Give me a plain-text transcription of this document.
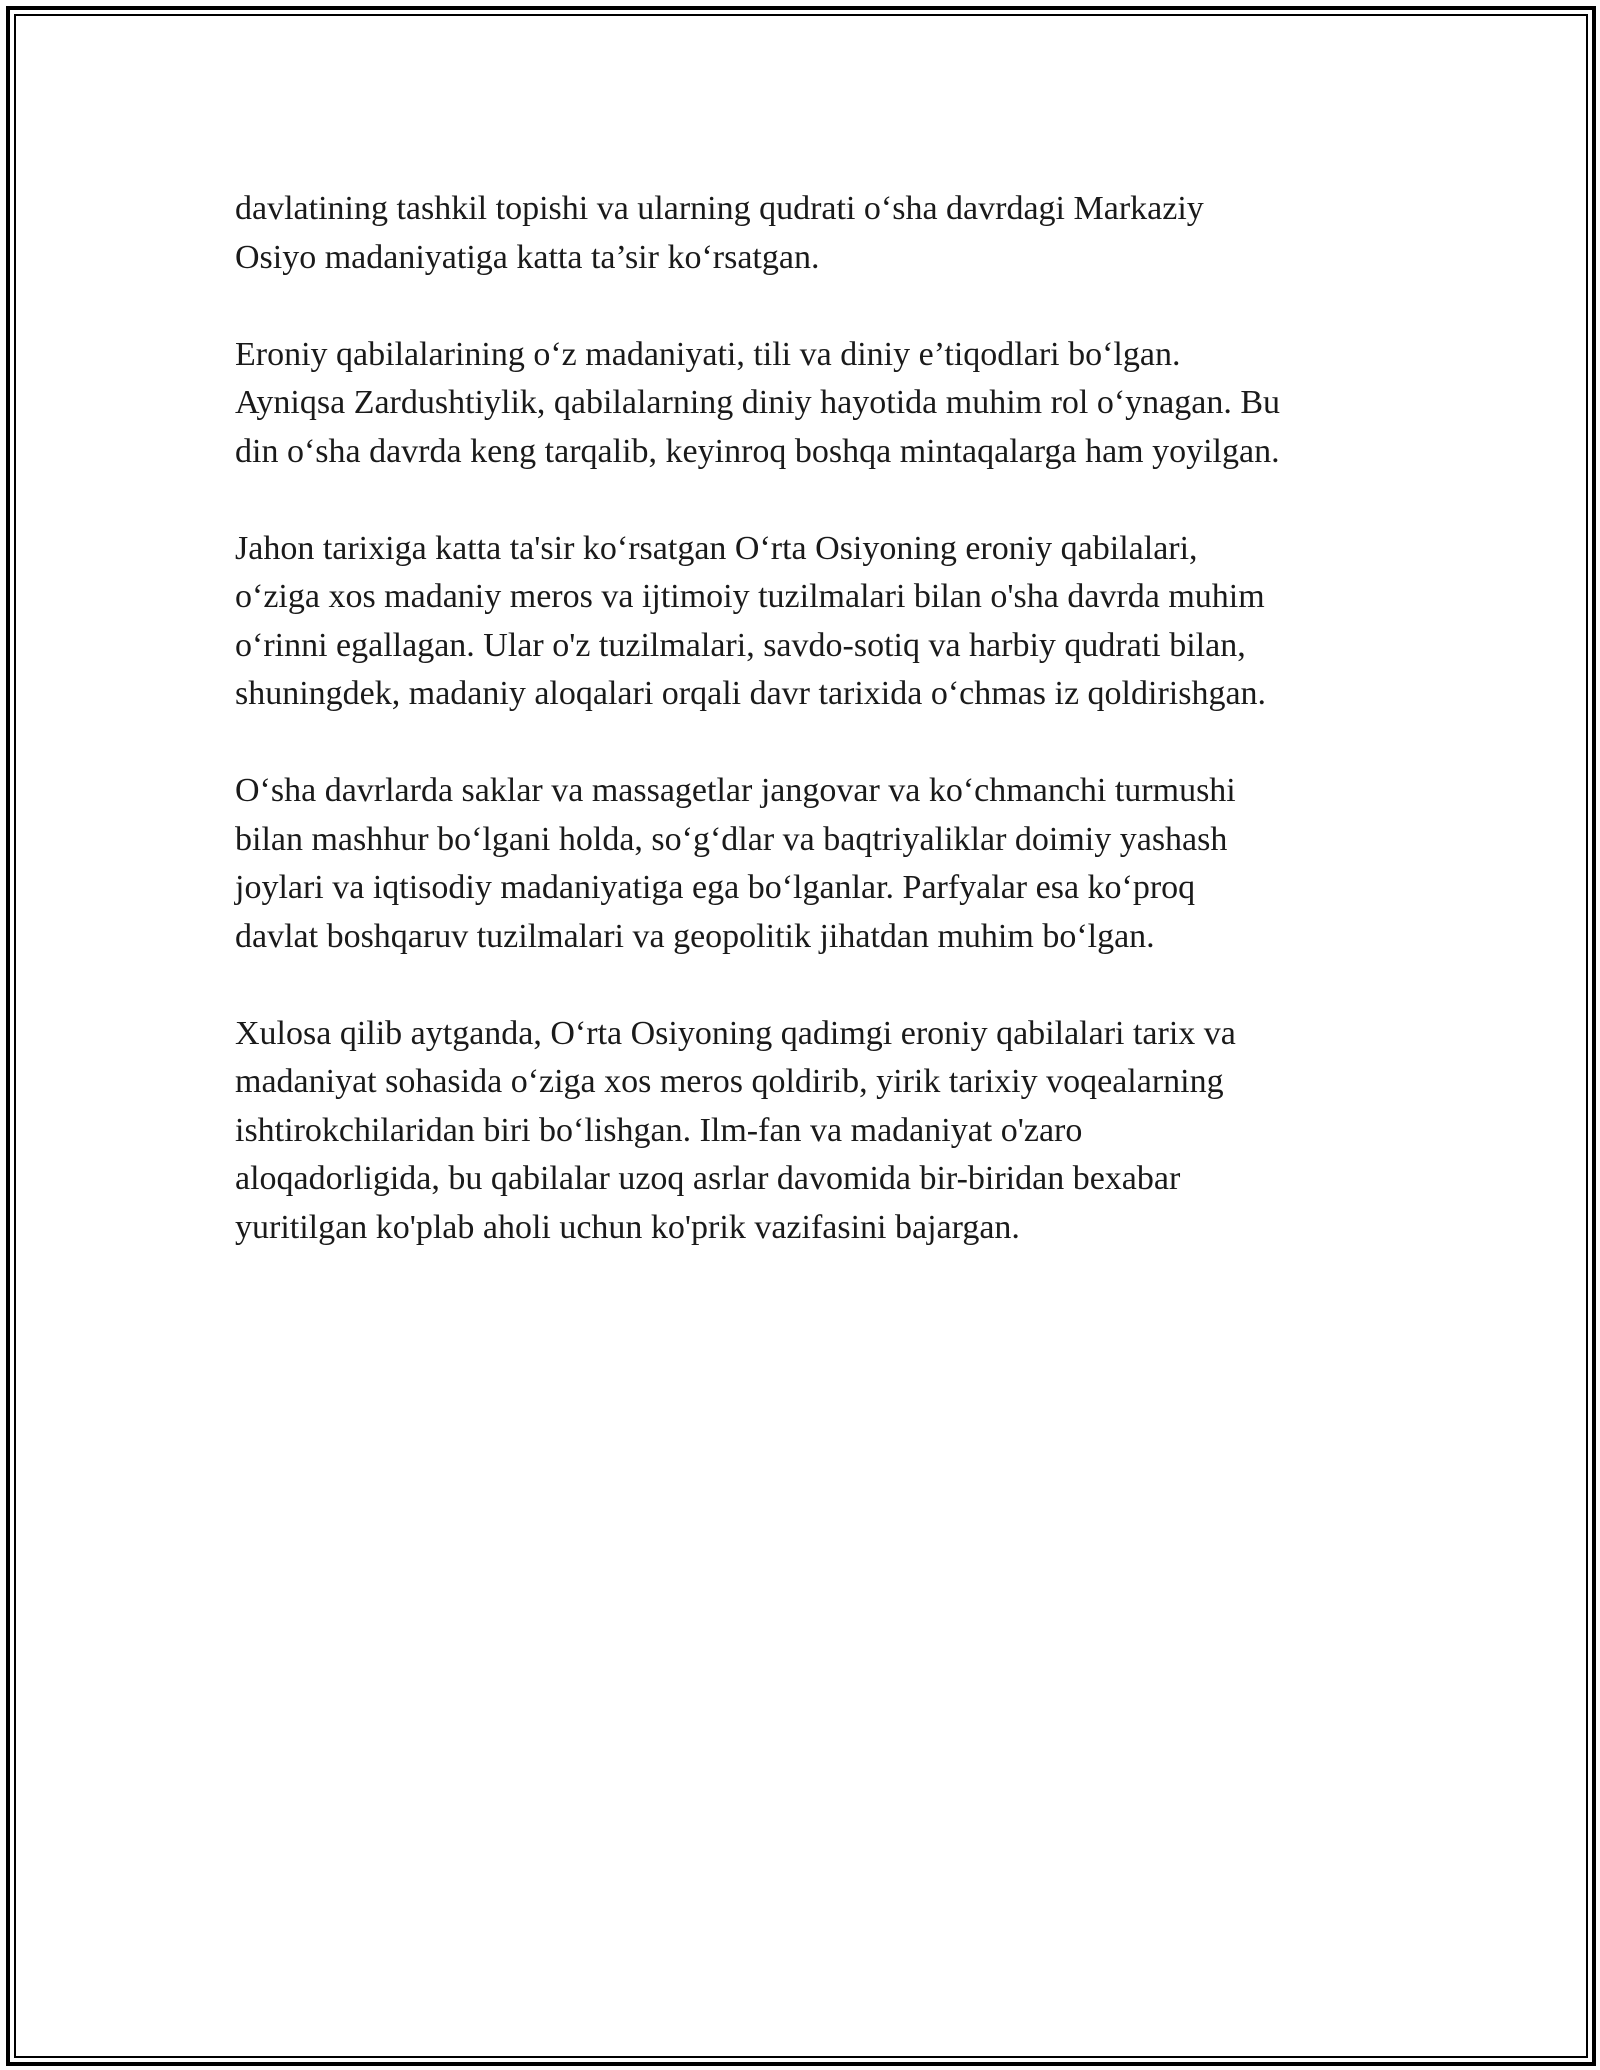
davlatining tashkil topishi va ularning qudrati o‘sha davrdagi Markaziy
Osiyo madaniyatiga katta ta’sir ko‘rsatgan.

Eroniy qabilalarining o‘z madaniyati, tili va diniy e’tiqodlari bo‘lgan.
Ayniqsa Zardushtiylik, qabilalarning diniy hayotida muhim rol o‘ynagan. Bu
din o‘sha davrda keng tarqalib, keyinroq boshqa mintaqalarga ham yoyilgan.

Jahon tarixiga katta ta'sir ko‘rsatgan O‘rta Osiyoning eroniy qabilalari,
o‘ziga xos madaniy meros va ijtimoiy tuzilmalari bilan o'sha davrda muhim
o‘rinni egallagan. Ular o'z tuzilmalari, savdo-sotiq va harbiy qudrati bilan,
shuningdek, madaniy aloqalari orqali davr tarixida o‘chmas iz qoldirishgan.

O‘sha davrlarda saklar va massagetlar jangovar va ko‘chmanchi turmushi
bilan mashhur bo‘lgani holda, so‘g‘dlar va baqtriyaliklar doimiy yashash
joylari va iqtisodiy madaniyatiga ega bo‘lganlar. Parfyalar esa ko‘proq
davlat boshqaruv tuzilmalari va geopolitik jihatdan muhim bo‘lgan.

Xulosa qilib aytganda, O‘rta Osiyoning qadimgi eroniy qabilalari tarix va
madaniyat sohasida o‘ziga xos meros qoldirib, yirik tarixiy voqealarning
ishtirokchilaridan biri bo‘lishgan. Ilm-fan va madaniyat o'zaro
aloqadorligida, bu qabilalar uzoq asrlar davomida bir-biridan bexabar
yuritilgan ko'plab aholi uchun ko'prik vazifasini bajargan.
